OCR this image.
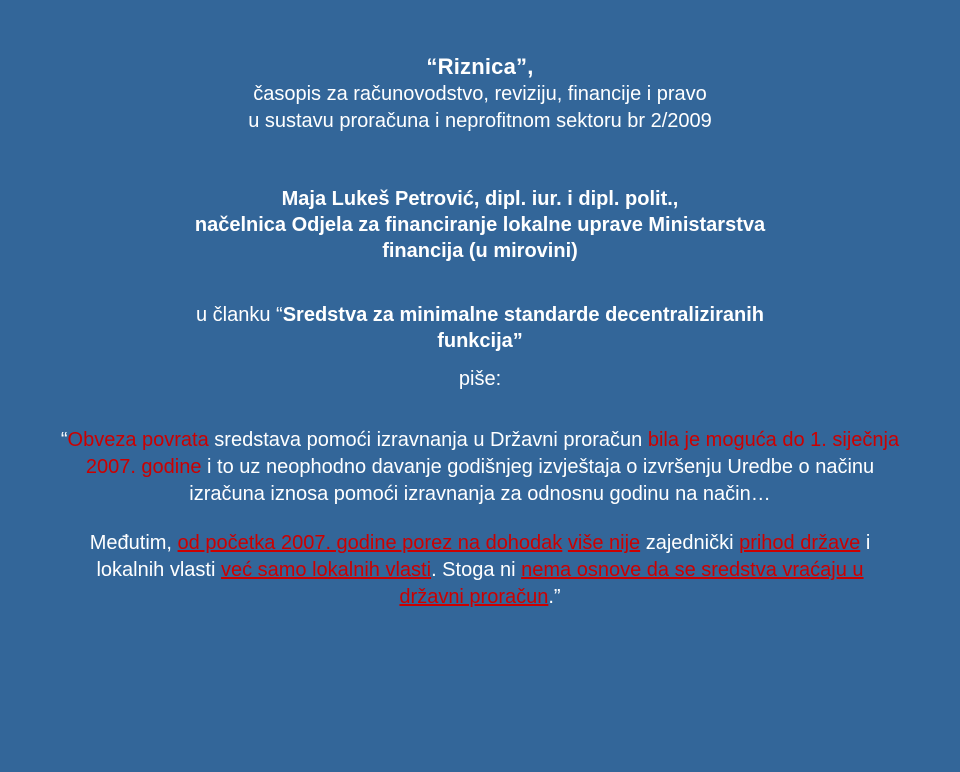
“Riznica”,
časopis za računovodstvo, reviziju, financije i pravo
u sustavu proračuna i neprofitnom sektoru br 2/2009
Maja Lukeš Petrović, dipl. iur. i dipl. polit.,
načelnica Odjela za financiranje lokalne uprave Ministarstva
financija (u mirovini)
u članku “Sredstva za minimalne standarde decentraliziranih
funkcija”
piše:

“Obveza povrata sredstava pomoći izravnanja u Državni proračun bila je moguća do 1. siječnja 2007. godine i to uz neophodno davanje godišnjeg izvještaja o izvršenju Uredbe o načinu izračuna iznosa pomoći izravnanja za odnosnu godinu na način…

Međutim, od početka 2007. godine porez na dohodak više nije zajednički prihod države i lokalnih vlasti već samo lokalnih vlasti. Stoga ni nema osnove da se sredstva vraćaju u državni proračun.”
